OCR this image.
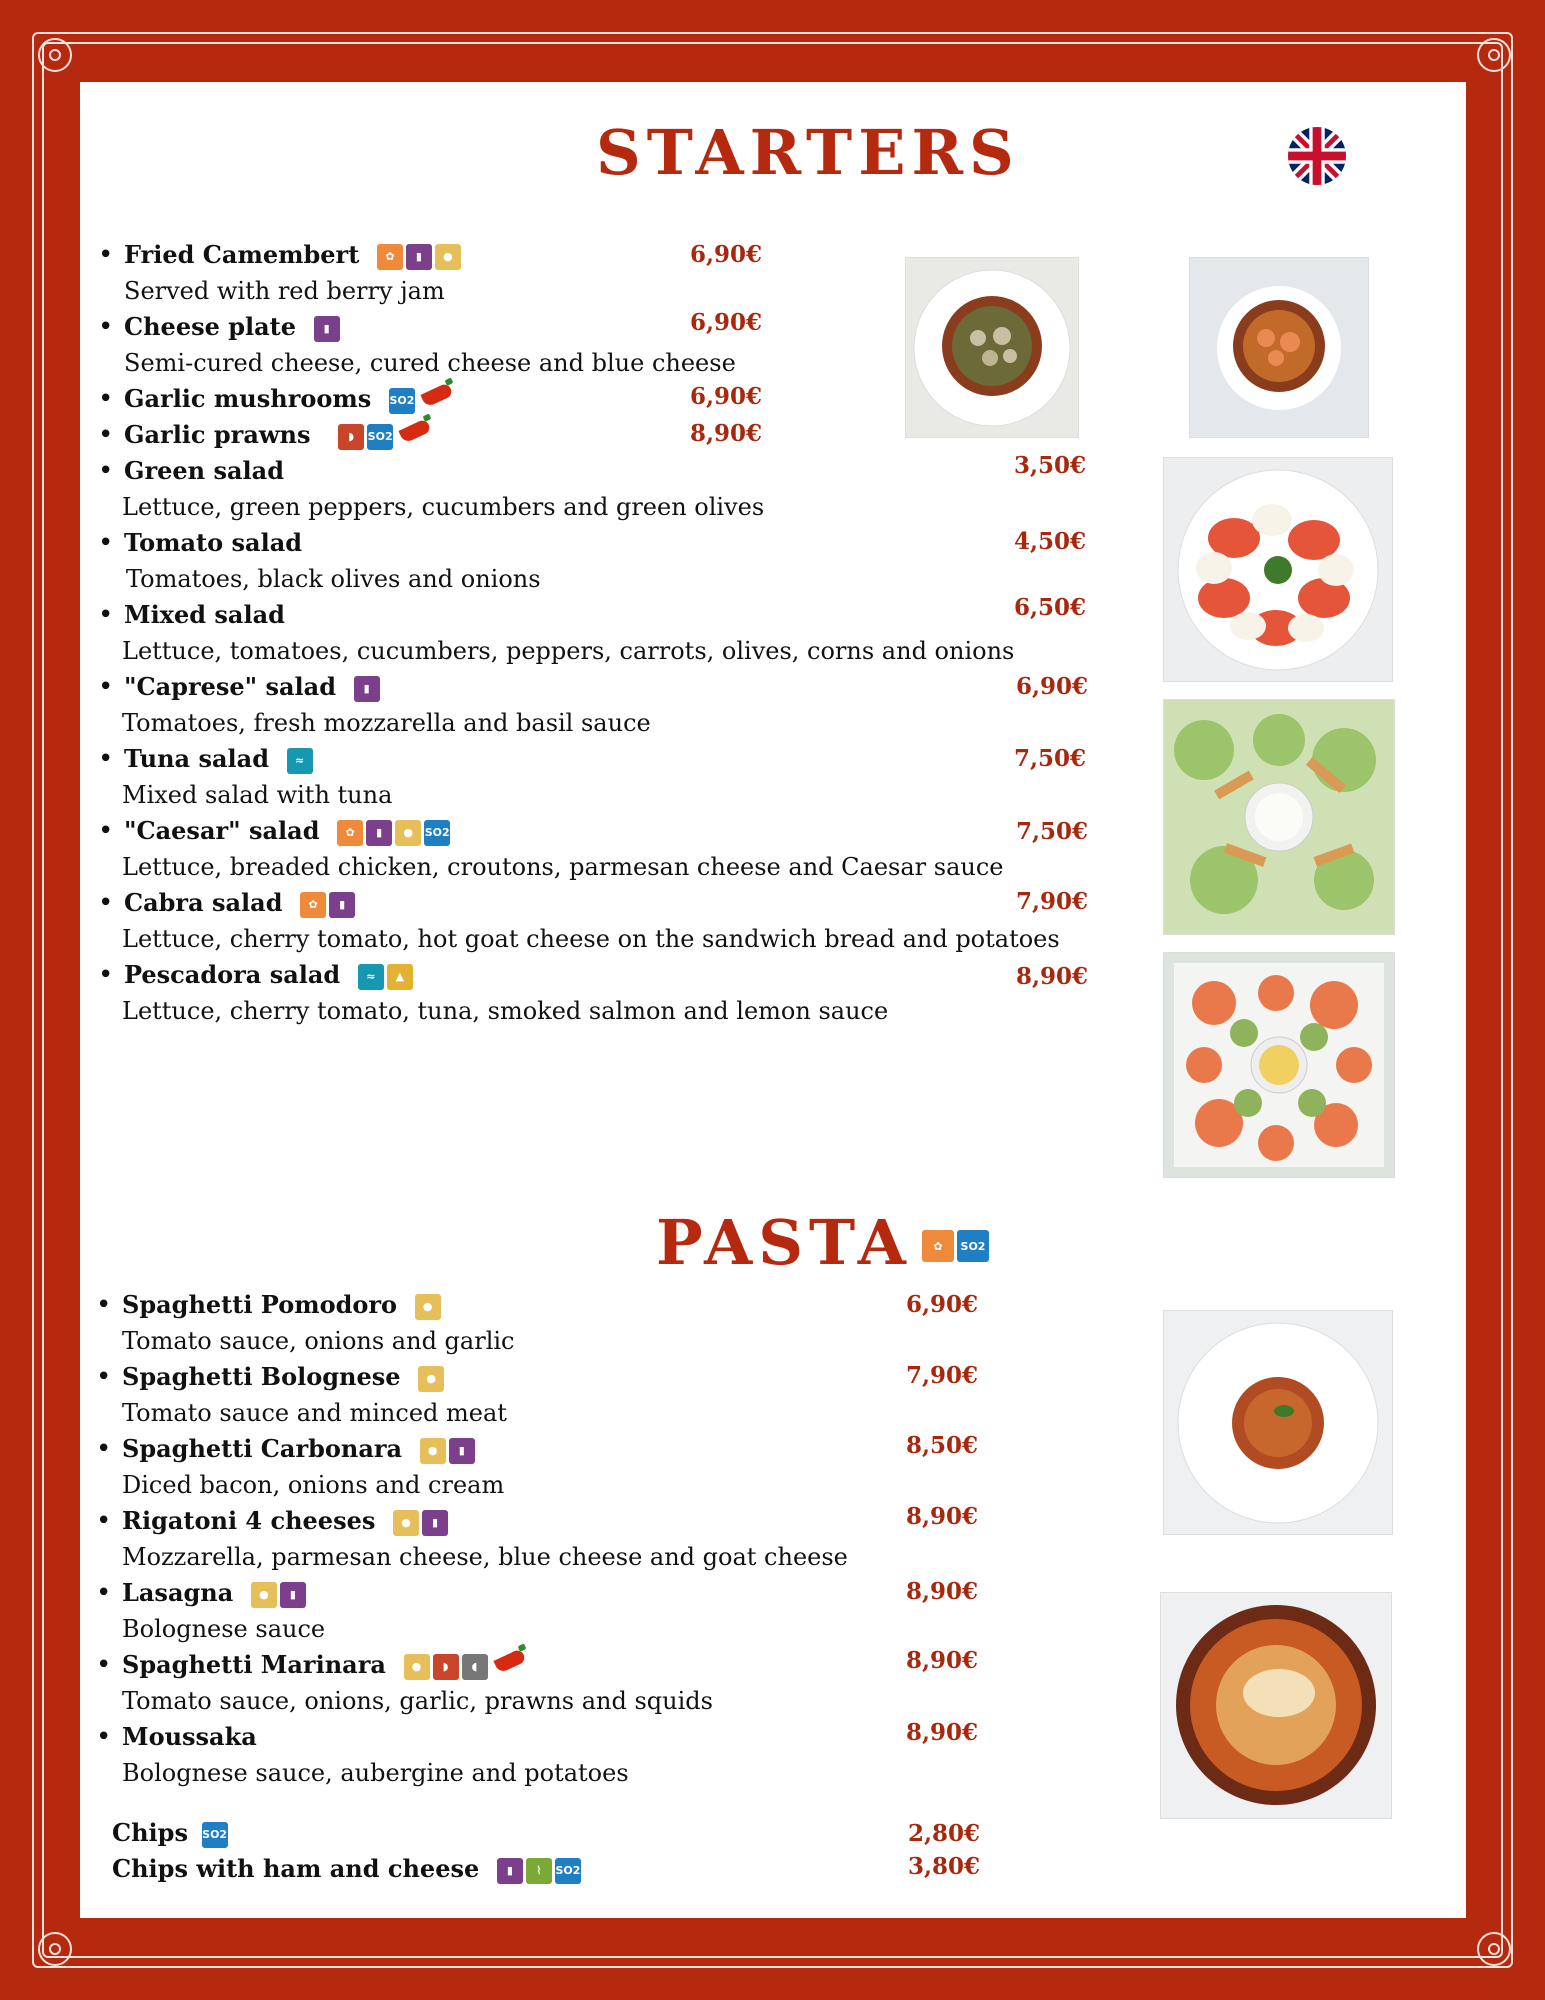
STARTERS
PASTA	✿	SO2
• Fried Camembert	✿	▮	●	6,90€
Served with red berry jam
• Cheese plate	▮	6,90€
Semi-cured cheese, cured cheese and blue cheese
• Garlic mushrooms SO2	6,90€
• Garlic prawns	◗	SO2	8,90€
• Green salad	3,50€
Lettuce, green peppers, cucumbers and green olives
• Tomato salad	4,50€
Tomatoes, black olives and onions
• Mixed salad	6,50€
Lettuce, tomatoes, cucumbers, peppers, carrots, olives, corns and onions
• "Caprese" salad	▮	6,90€
Tomatoes, fresh mozzarella and basil sauce
• Tuna salad	≈	7,50€
Mixed salad with tuna
• "Caesar" salad	✿	▮	●	SO2	7,50€
Lettuce, breaded chicken, croutons, parmesan cheese and Caesar sauce
• Cabra salad	✿	▮	7,90€
Lettuce, cherry tomato, hot goat cheese on the sandwich bread and potatoes
• Pescadora salad	≈	▲	8,90€
Lettuce, cherry tomato, tuna, smoked salmon and lemon sauce
• Spaghetti Pomodoro	●	6,90€
Tomato sauce, onions and garlic
• Spaghetti Bolognese	●	7,90€
Tomato sauce and minced meat
• Spaghetti Carbonara	●	▮	8,50€
Diced bacon, onions and cream
• Rigatoni 4 cheeses	●	▮	8,90€
Mozzarella, parmesan cheese, blue cheese and goat cheese
• Lasagna	●	▮	8,90€
Bolognese sauce
• Spaghetti Marinara	●	◗	◖	8,90€
Tomato sauce, onions, garlic, prawns and squids
• Moussaka	8,90€
Bolognese sauce, aubergine and potatoes
Chips SO2	2,80€
Chips with ham and cheese	▮	⌇	SO2	3,80€
